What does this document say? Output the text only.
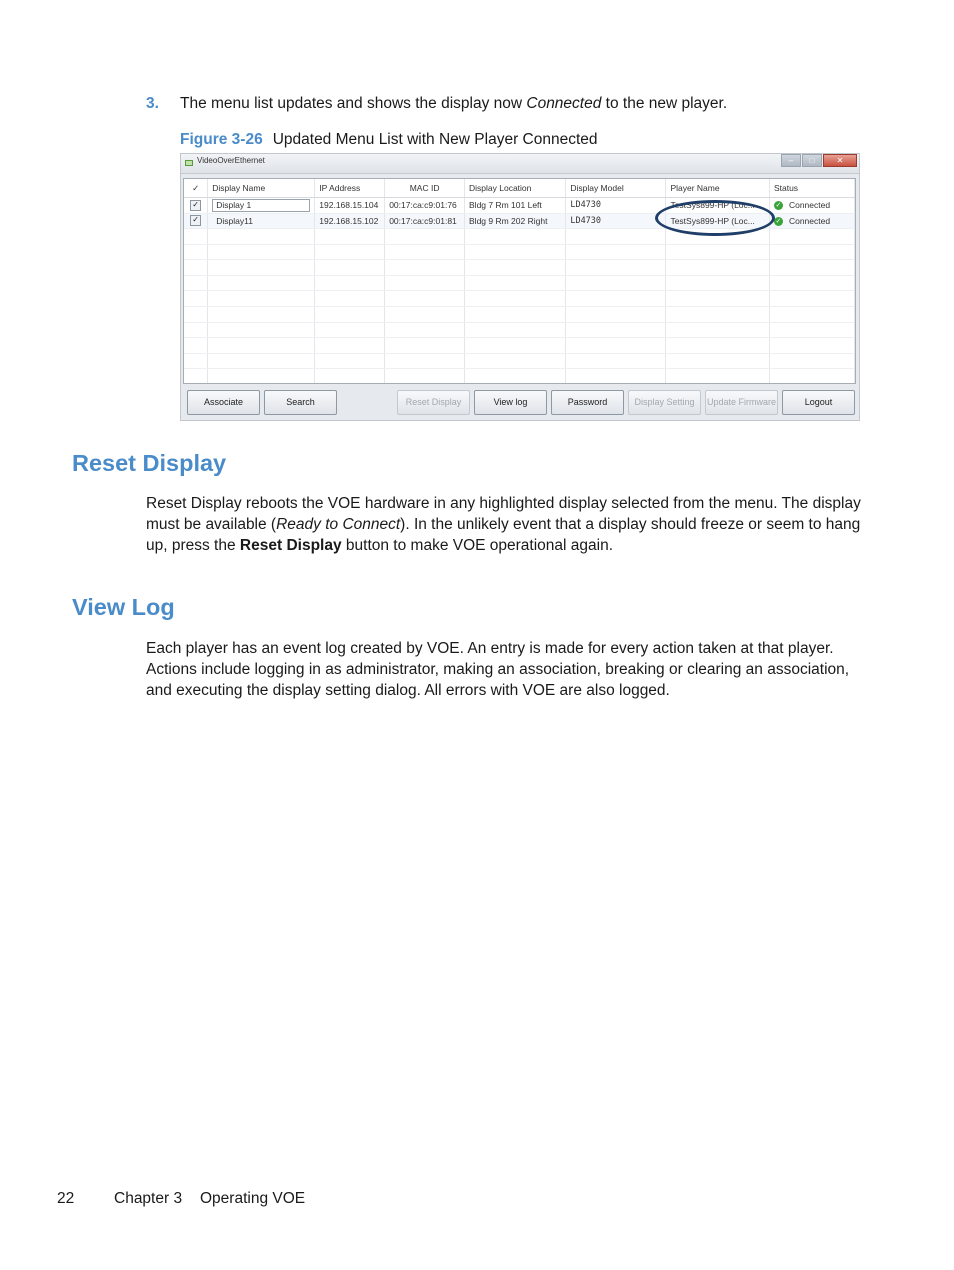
3. The menu list updates and shows the display now Connected to the new player.
Figure 3-26 Updated Menu List with New Player Connected
VideoOverEthernet	–	□	✕
✓	Display Name	IP Address	MAC ID	Display Location	Display Model	Player Name	Status
✓	Display 1	192.168.15.104	00:17:ca:c9:01:76	Bldg 7 Rm 101 Left	LD4730	TestSys899-HP (Loc...	✓ Connected
✓	Display11	192.168.15.102	00:17:ca:c9:01:81	Bldg 9 Rm 202 Right	LD4730	TestSys899-HP (Loc...	✓ Connected

Associate	Search	Reset Display	View log	Password	Display Setting	Update Firmware	Logout
Reset Display
Reset Display reboots the VOE hardware in any highlighted display selected from the menu. The display must be available (Ready to Connect). In the unlikely event that a display should freeze or seem to hang up, press the Reset Display button to make VOE operational again.
View Log
Each player has an event log created by VOE. An entry is made for every action taken at that player. Actions include logging in as administrator, making an association, breaking or clearing an association, and executing the display setting dialog. All errors with VOE are also logged.
22	Chapter 3 Operating VOE
